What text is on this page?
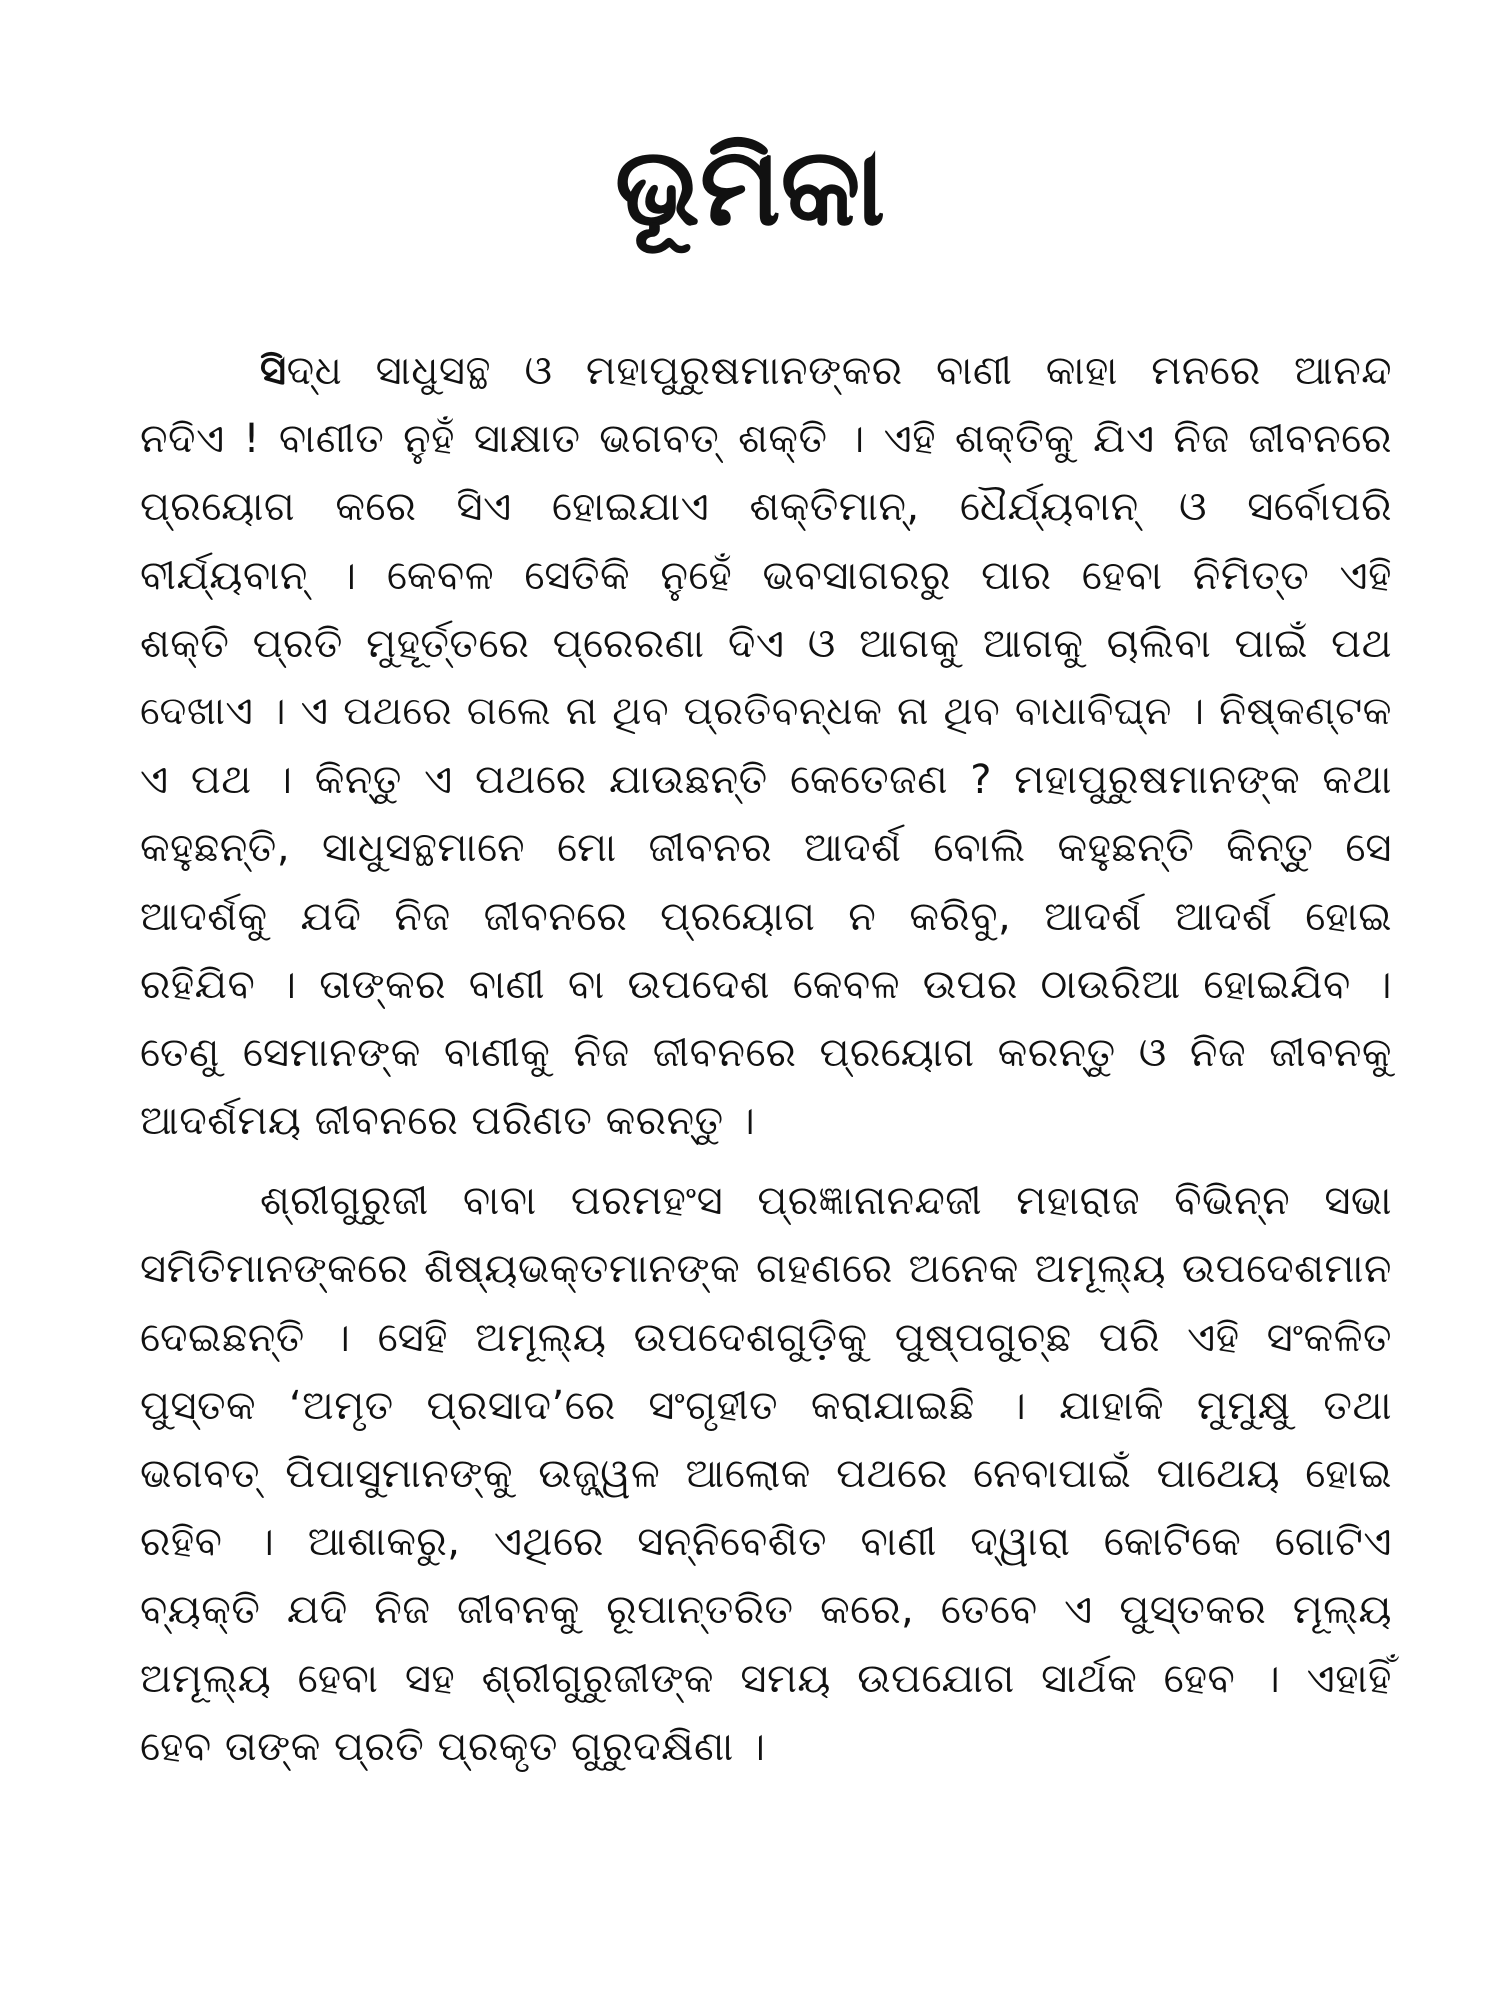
ଭୂମିକା
ସିଦ୍ଧ ସାଧୁସନ୍ଥ ଓ ମହାପୁରୁଷମାନଙ୍କର ବାଣୀ କାହା ମନରେ ଆନନ୍ଦ
ନଦିଏ ! ବାଣୀତ ନୁହଁ ସାକ୍ଷାତ ଭଗବତ୍ ଶକ୍ତି । ଏହି ଶକ୍ତିକୁ ଯିଏ ନିଜ ଜୀବନରେ
ପ୍ରୟୋଗ କରେ ସିଏ ହୋଇଯାଏ ଶକ୍ତିମାନ୍, ଧୈର୍ଯ୍ୟବାନ୍ ଓ ସର୍ବୋପରି
ବୀର୍ଯ୍ୟବାନ୍ । କେବଳ ସେତିକି ନୁହେଁ ଭବସାଗରରୁ ପାର ହେବା ନିମିତ୍ତ ଏହି
ଶକ୍ତି ପ୍ରତି ମୁହୂର୍ତ୍ତରେ ପ୍ରେରଣା ଦିଏ ଓ ଆଗକୁ ଆଗକୁ ଚାଲିବା ପାଇଁ ପଥ
ଦେଖାଏ । ଏ ପଥରେ ଗଲେ ନା ଥିବ ପ୍ରତିବନ୍ଧକ ନା ଥିବ ବାଧାବିଘ୍ନ । ନିଷ୍କଣ୍ଟକ
ଏ ପଥ । କିନ୍ତୁ ଏ ପଥରେ ଯାଉଛନ୍ତି କେତେଜଣ ? ମହାପୁରୁଷମାନଙ୍କ କଥା
କହୁଛନ୍ତି, ସାଧୁସନ୍ଥମାନେ ମୋ ଜୀବନର ଆଦର୍ଶ ବୋଲି କହୁଛନ୍ତି କିନ୍ତୁ ସେ
ଆଦର୍ଶକୁ ଯଦି ନିଜ ଜୀବନରେ ପ୍ରୟୋଗ ନ କରିବୁ, ଆଦର୍ଶ ଆଦର୍ଶ ହୋଇ
ରହିଯିବ । ତାଙ୍କର ବାଣୀ ବା ଉପଦେଶ କେବଳ ଉପର ଠାଉରିଆ ହୋଇଯିବ ।
ତେଣୁ ସେମାନଙ୍କ ବାଣୀକୁ ନିଜ ଜୀବନରେ ପ୍ରୟୋଗ କରନ୍ତୁ ଓ ନିଜ ଜୀବନକୁ
ଆଦର୍ଶମୟ ଜୀବନରେ ପରିଣତ କରନ୍ତୁ ।
ଶ୍ରୀଗୁରୁଜୀ ବାବା ପରମହଂସ ପ୍ରଜ୍ଞାନାନନ୍ଦଜୀ ମହାରାଜ ବିଭିନ୍ନ ସଭା
ସମିତିମାନଙ୍କରେ ଶିଷ୍ୟଭକ୍ତମାନଙ୍କ ଗହଣରେ ଅନେକ ଅମୂଲ୍ୟ ଉପଦେଶମାନ
ଦେଇଛନ୍ତି । ସେହି ଅମୂଲ୍ୟ ଉପଦେଶଗୁଡ଼ିକୁ ପୁଷ୍ପଗୁଚ୍ଛ ପରି ଏହି ସଂକଳିତ
ପୁସ୍ତକ ‘ଅମୃତ ପ୍ରସାଦ’ରେ ସଂଗୃହୀତ କରାଯାଇଛି । ଯାହାକି ମୁମୁକ୍ଷୁ ତଥା
ଭଗବତ୍ ପିପାସୁମାନଙ୍କୁ ଉଜ୍ଜ୍ୱଳ ଆଲୋକ ପଥରେ ନେବାପାଇଁ ପାଥେୟ ହୋଇ
ରହିବ । ଆଶାକରୁ, ଏଥିରେ ସନ୍ନିବେଶିତ ବାଣୀ ଦ୍ୱାରା କୋଟିକେ ଗୋଟିଏ
ବ୍ୟକ୍ତି ଯଦି ନିଜ ଜୀବନକୁ ରୂପାନ୍ତରିତ କରେ, ତେବେ ଏ ପୁସ୍ତକର ମୂଲ୍ୟ
ଅମୂଲ୍ୟ ହେବା ସହ ଶ୍ରୀଗୁରୁଜୀଙ୍କ ସମୟ ଉପଯୋଗ ସାର୍ଥକ ହେବ । ଏହାହିଁ
ହେବ ତାଙ୍କ ପ୍ରତି ପ୍ରକୃତ ଗୁରୁଦକ୍ଷିଣା ।
